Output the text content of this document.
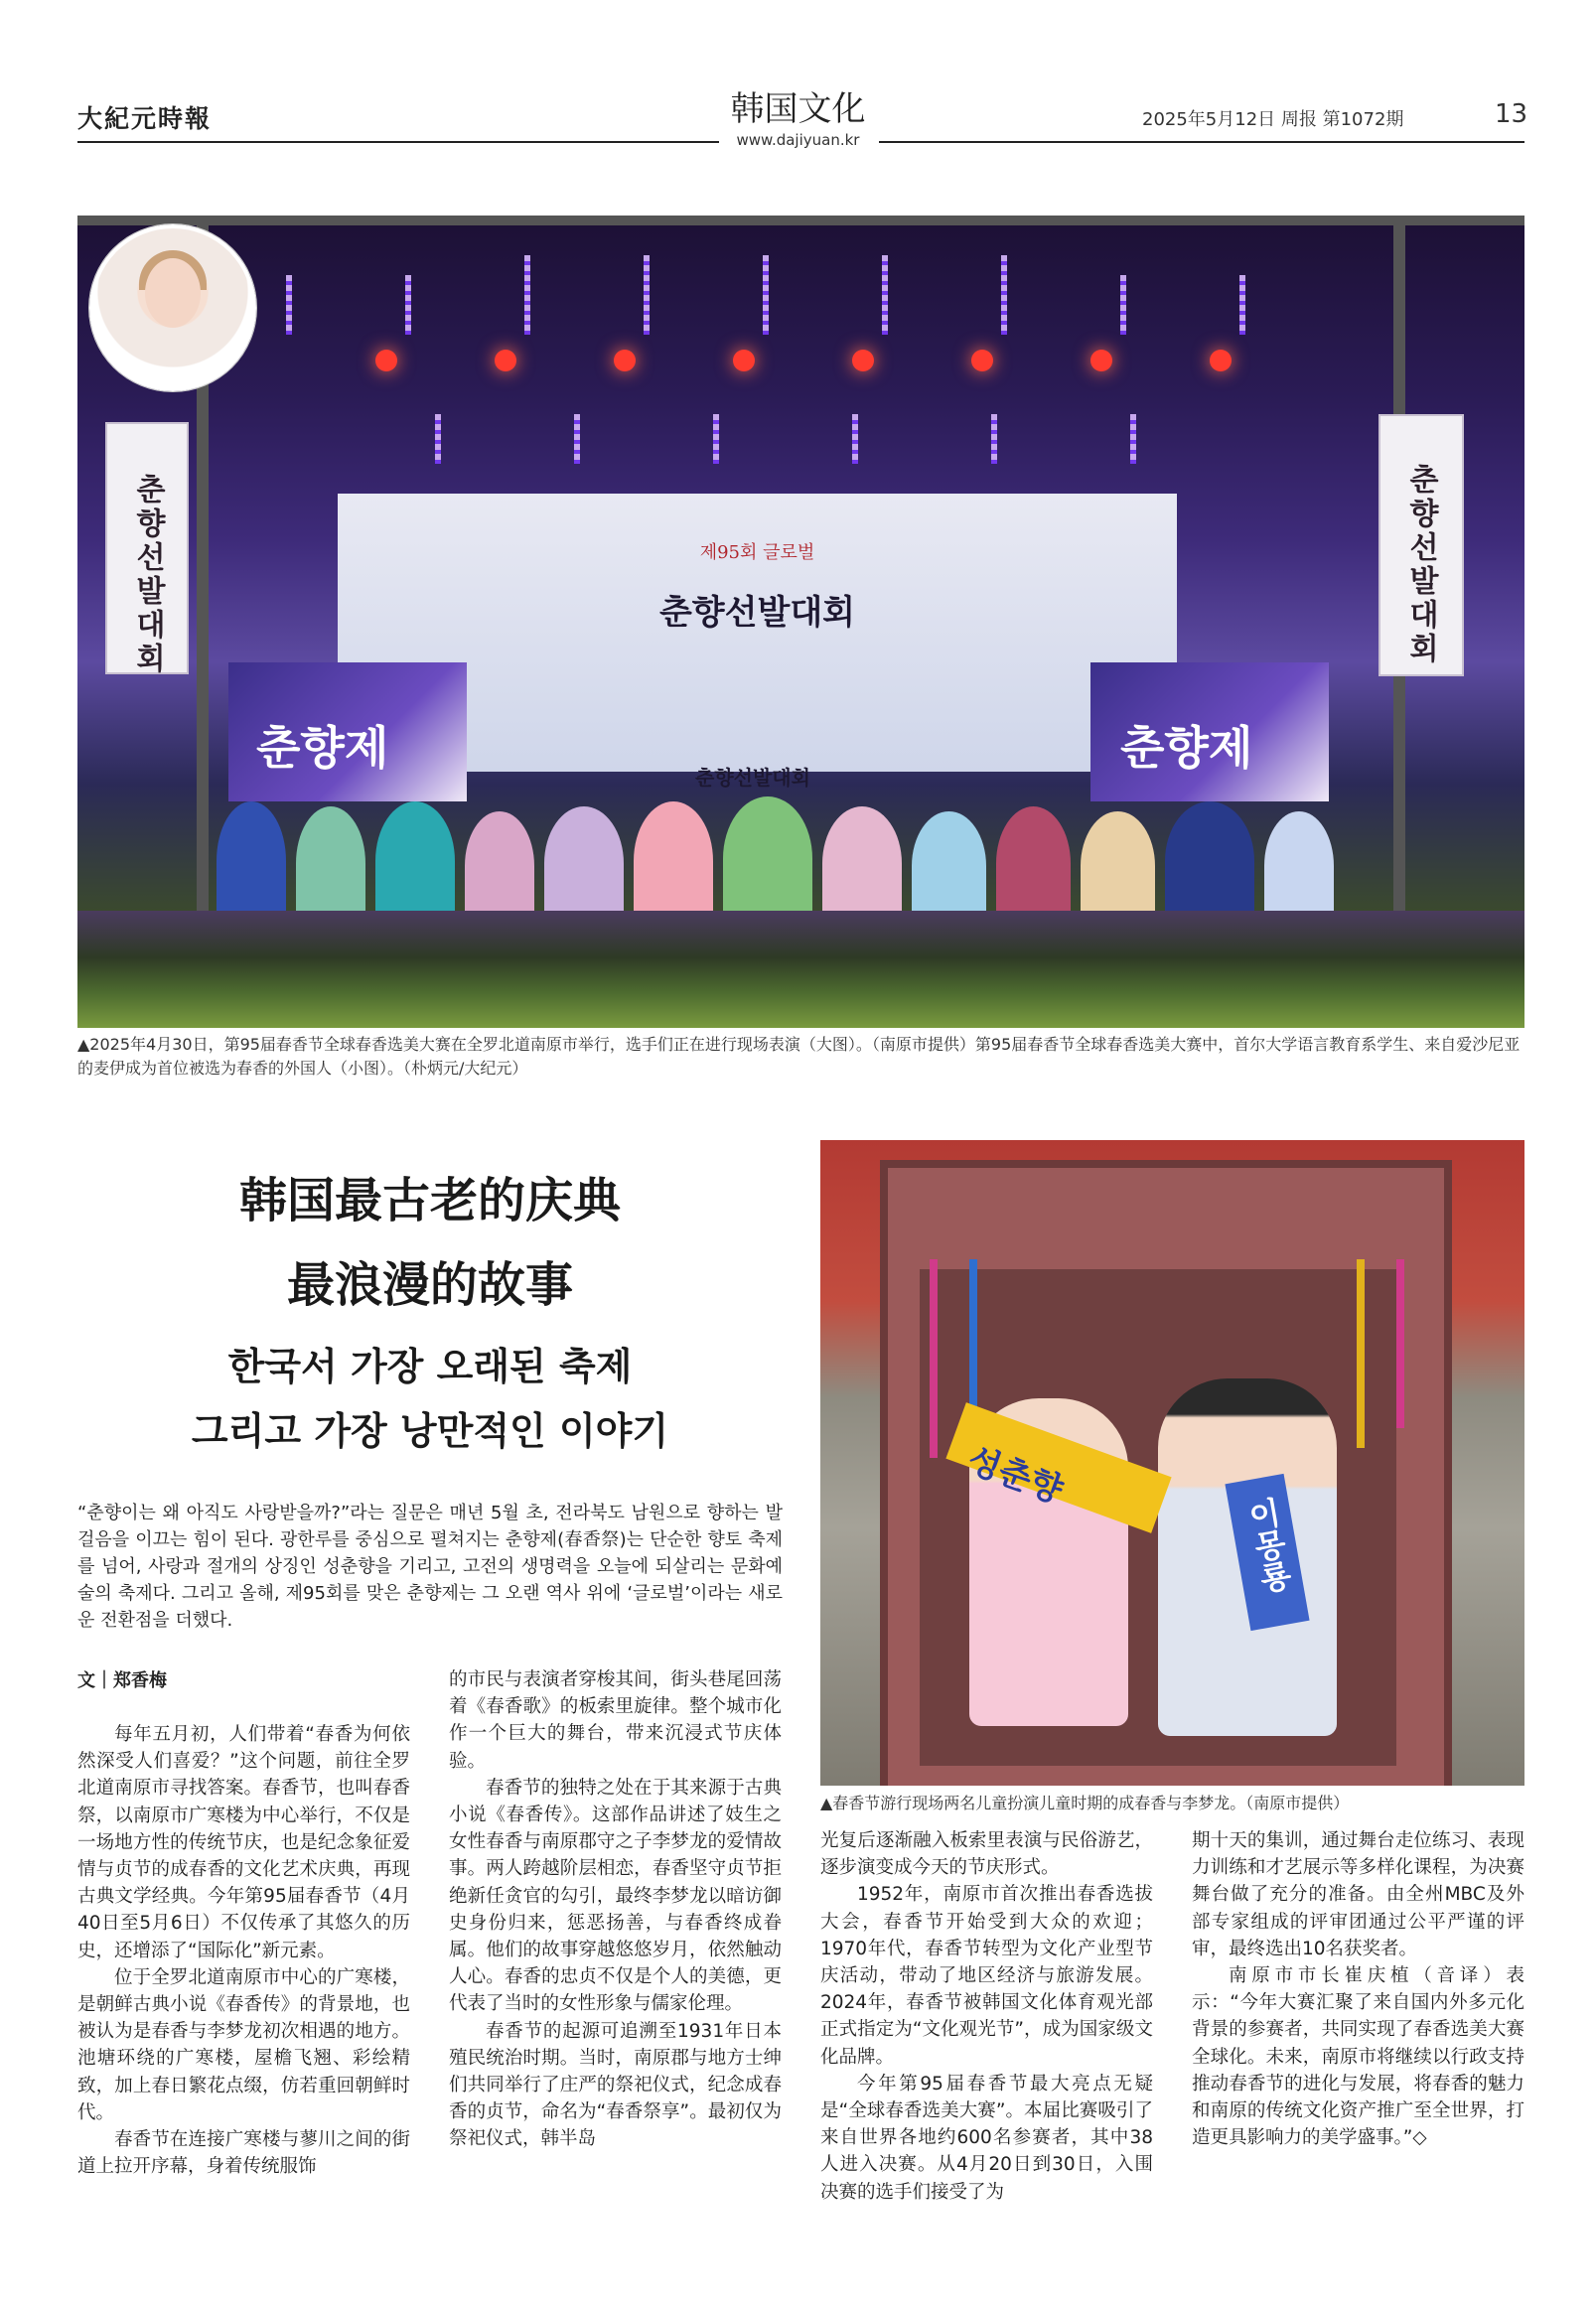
大紀元時報	韩国文化
www.dajiyuan.kr
2025年5月12日 周报 第1072期	13
춘향선발대회	춘향선발대회
제95회 글로벌
춘향선발대회
춘향제	춘향제
춘향선발대회
▲2025年4月30日，第95届春香节全球春香选美大赛在全罗北道南原市举行，选手们正在进行现场表演（大图）。（南原市提供）第95届春香节全球春香选美大赛中，首尔大学语言教育系学生、来自爱沙尼亚的麦伊成为首位被选为春香的外国人（小图）。（朴炳元/大纪元）
韩国最古老的庆典
最浪漫的故事
한국서 가장 오래된 축제
그리고 가장 낭만적인 이야기
“춘향이는 왜 아직도 사랑받을까?”라는 질문은 매년 5월 초, 전라북도 남원으로 향하는 발걸음을 이끄는 힘이 된다. 광한루를 중심으로 펼쳐지는 춘향제(春香祭)는 단순한 향토 축제를 넘어, 사랑과 절개의 상징인 성춘향을 기리고, 고전의 생명력을 오늘에 되살리는 문화예술의 축제다. 그리고 올해, 제95회를 맞은 춘향제는 그 오랜 역사 위에 ‘글로벌’이라는 새로운 전환점을 더했다.
성춘향
이몽룡
▲春香节游行现场两名儿童扮演儿童时期的成春香与李梦龙。（南原市提供）
文｜郑香梅

每年五月初，人们带着“春香为何依然深受人们喜爱？”这个问题，前往全罗北道南原市寻找答案。春香节，也叫春香祭，以南原市广寒楼为中心举行，不仅是一场地方性的传统节庆，也是纪念象征爱情与贞节的成春香的文化艺术庆典，再现古典文学经典。今年第95届春香节（4月40日至5月6日）不仅传承了其悠久的历史，还增添了“国际化”新元素。

位于全罗北道南原市中心的广寒楼，是朝鲜古典小说《春香传》的背景地，也被认为是春香与李梦龙初次相遇的地方。池塘环绕的广寒楼，屋檐飞翘、彩绘精致，加上春日繁花点缀，仿若重回朝鲜时代。

春香节在连接广寒楼与蓼川之间的街道上拉开序幕，身着传统服饰

的市民与表演者穿梭其间，街头巷尾回荡着《春香歌》的板索里旋律。整个城市化作一个巨大的舞台，带来沉浸式节庆体验。

春香节的独特之处在于其来源于古典小说《春香传》。这部作品讲述了妓生之女性春香与南原郡守之子李梦龙的爱情故事。两人跨越阶层相恋，春香坚守贞节拒绝新任贪官的勾引，最终李梦龙以暗访御史身份归来，惩恶扬善，与春香终成眷属。他们的故事穿越悠悠岁月，依然触动人心。春香的忠贞不仅是个人的美德，更代表了当时的女性形象与儒家伦理。

春香节的起源可追溯至1931年日本殖民统治时期。当时，南原郡与地方士绅们共同举行了庄严的祭祀仪式，纪念成春香的贞节，命名为“春香祭享”。最初仅为祭祀仪式，韩半岛

光复后逐渐融入板索里表演与民俗游艺，逐步演变成今天的节庆形式。

1952年，南原市首次推出春香选拔大会，春香节开始受到大众的欢迎；1970年代，春香节转型为文化产业型节庆活动，带动了地区经济与旅游发展。2024年，春香节被韩国文化体育观光部正式指定为“文化观光节”，成为国家级文化品牌。

今年第95届春香节最大亮点无疑是“全球春香选美大赛”。本届比赛吸引了来自世界各地约600名参赛者，其中38人进入决赛。从4月20日到30日，入围决赛的选手们接受了为

期十天的集训，通过舞台走位练习、表现力训练和才艺展示等多样化课程，为决赛舞台做了充分的准备。由全州MBC及外部专家组成的评审团通过公平严谨的评审，最终选出10名获奖者。

南原市市长崔庆植（音译）表示：“今年大赛汇聚了来自国内外多元化背景的参赛者，共同实现了春香选美大赛全球化。未来，南原市将继续以行政支持推动春香节的进化与发展，将春香的魅力和南原的传统文化资产推广至全世界，打造更具影响力的美学盛事。”◇
